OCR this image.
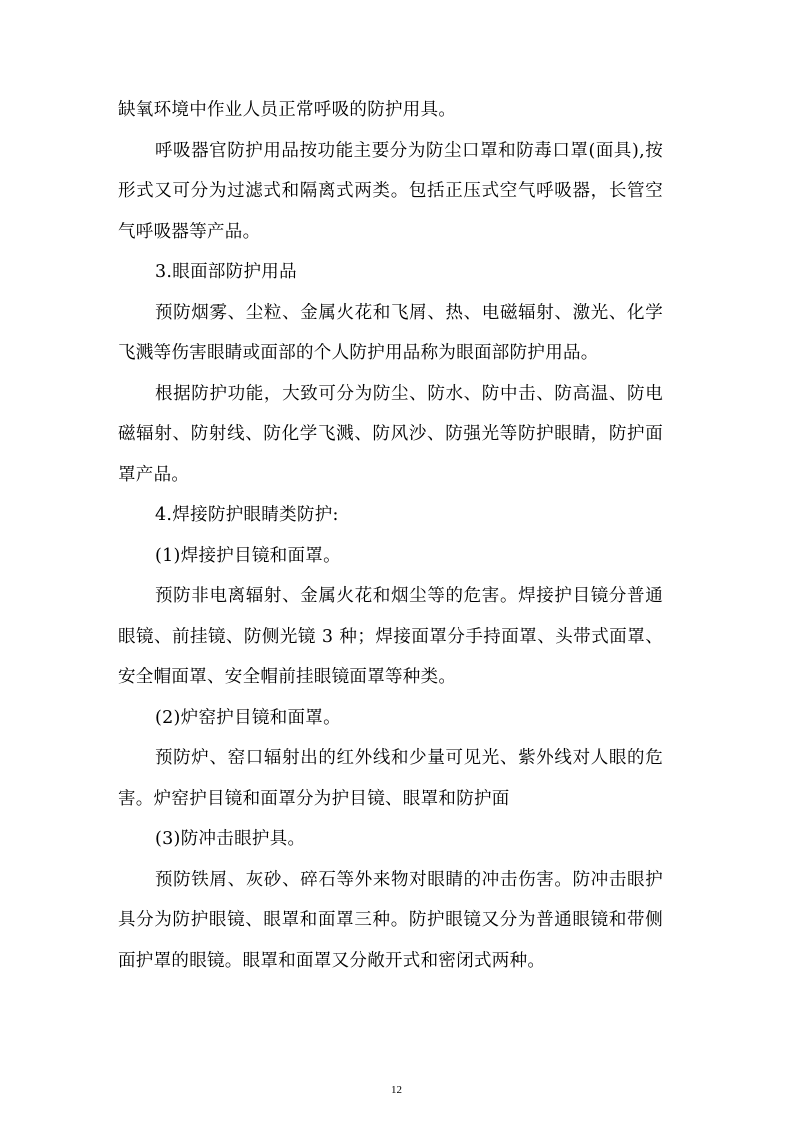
缺氧环境中作业人员正常呼吸的防护用具。

呼吸器官防护用品按功能主要分为防尘口罩和防毒口罩(面具),按形式又可分为过滤式和隔离式两类。包括正压式空气呼吸器，长管空气呼吸器等产品。

3.眼面部防护用品

预防烟雾、尘粒、金属火花和飞屑、热、电磁辐射、激光、化学飞溅等伤害眼睛或面部的个人防护用品称为眼面部防护用品。

根据防护功能，大致可分为防尘、防水、防中击、防高温、防电磁辐射、防射线、防化学飞溅、防风沙、防强光等防护眼睛，防护面罩产品。

4.焊接防护眼睛类防护:

(1)焊接护目镜和面罩。

预防非电离辐射、金属火花和烟尘等的危害。焊接护目镜分普通眼镜、前挂镜、防侧光镜 3 种；焊接面罩分手持面罩、头带式面罩、安全帽面罩、安全帽前挂眼镜面罩等种类。

(2)炉窑护目镜和面罩。

预防炉、窑口辐射出的红外线和少量可见光、紫外线对人眼的危害。炉窑护目镜和面罩分为护目镜、眼罩和防护面

(3)防冲击眼护具。

预防铁屑、灰砂、碎石等外来物对眼睛的冲击伤害。防冲击眼护具分为防护眼镜、眼罩和面罩三种。防护眼镜又分为普通眼镜和带侧面护罩的眼镜。眼罩和面罩又分敞开式和密闭式两种。

12
